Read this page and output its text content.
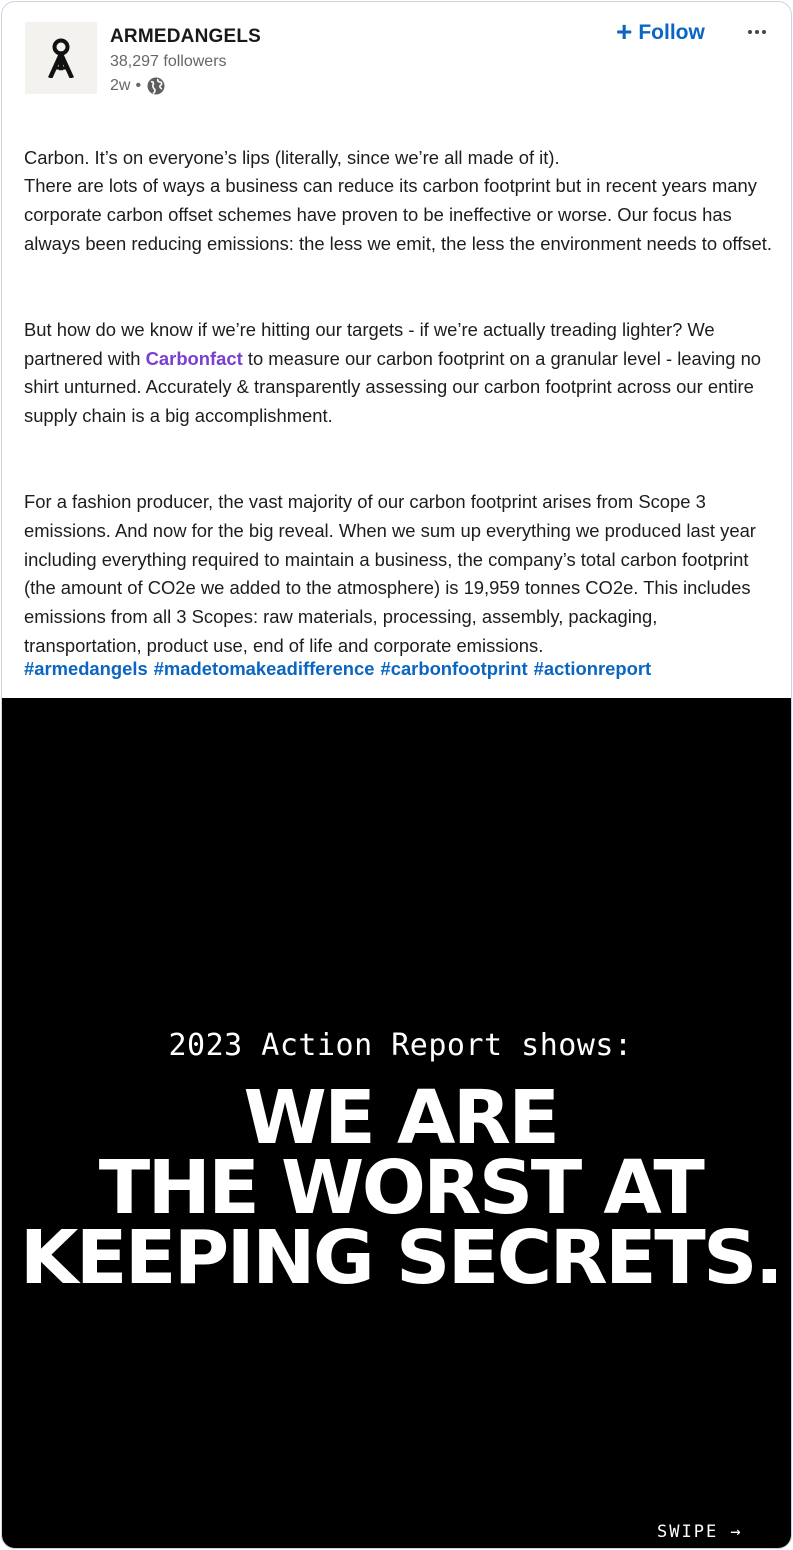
ARMEDANGELS
38,297 followers
2w •
+ Follow

Carbon. It’s on everyone’s lips (literally, since we’re all made of it).
There are lots of ways a business can reduce its carbon footprint but in recent years many corporate carbon offset schemes have proven to be ineffective or worse. Our focus has always been reducing emissions: the less we emit, the less the environment needs to offset.

But how do we know if we’re hitting our targets - if we’re actually treading lighter? We partnered with Carbonfact to measure our carbon footprint on a granular level - leaving no shirt unturned. Accurately & transparently assessing our carbon footprint across our entire supply chain is a big accomplishment.

For a fashion producer, the vast majority of our carbon footprint arises from Scope 3 emissions. And now for the big reveal. When we sum up everything we produced last year including everything required to maintain a business, the company’s total carbon footprint (the amount of CO2e we added to the atmosphere) is 19,959 tonnes CO2e. This includes emissions from all 3 Scopes: raw materials, processing, assembly, packaging, transportation, product use, end of life and corporate emissions.

#armedangels #madetomakeadifference #carbonfootprint #actionreport
2023 Action Report shows:
WE ARE
THE WORST AT
KEEPING SECRETS.
SWIPE →
